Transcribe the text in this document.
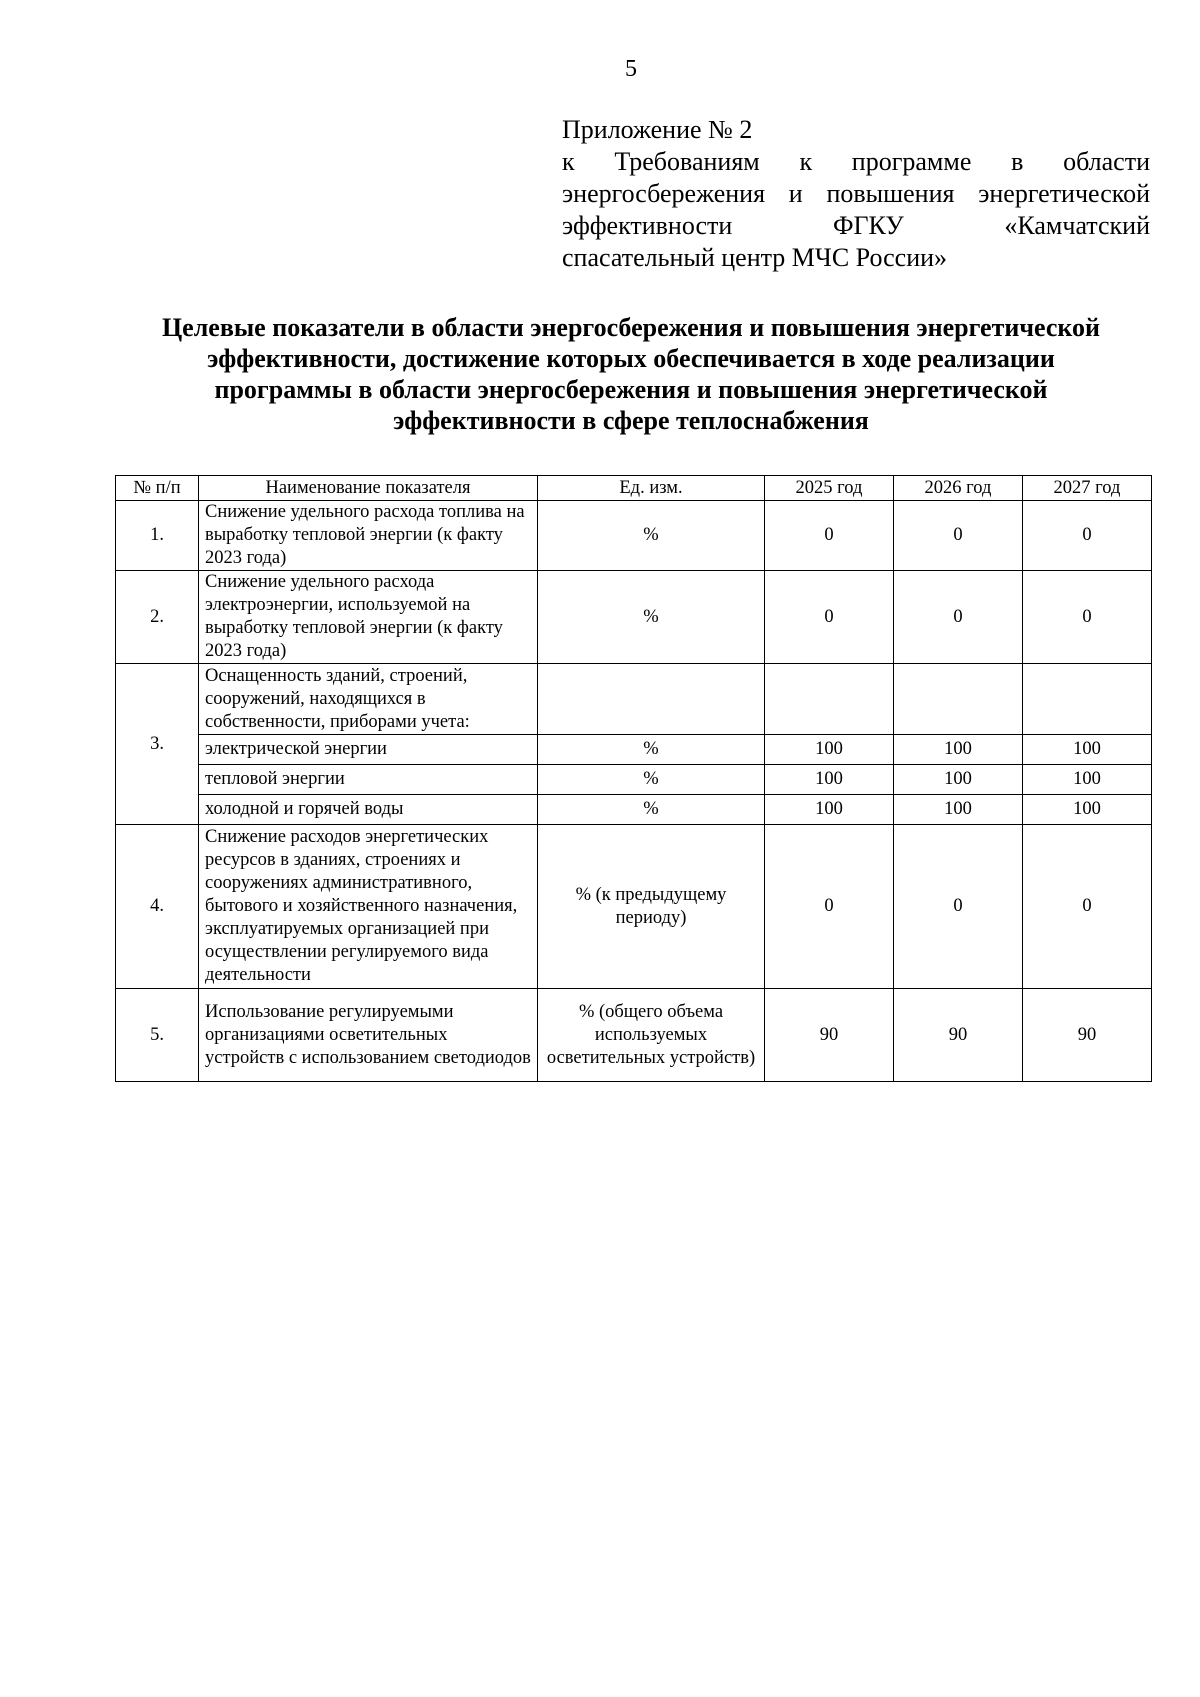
5
Приложение № 2
к Требованиям к программе в области
энергосбережения и повышения энергетической
эффективности ФГКУ «Камчатский
спасательный центр МЧС России»
Целевые показатели в области энергосбережения и повышения энергетической
эффективности, достижение которых обеспечивается в ходе реализации
программы в области энергосбережения и повышения энергетической
эффективности в сфере теплоснабжения
№ п/п	Наименование показателя	Ед. изм.	2025 год	2026 год	2027 год
1.	Снижение удельного расхода топлива на выработку тепловой энергии (к факту 2023 года)	%	0	0	0
2.	Снижение удельного расхода электроэнергии, используемой на выработку тепловой энергии (к факту 2023 года)	%	0	0	0
3.	Оснащенность зданий, строений, сооружений, находящихся в собственности, приборами учета:				
	электрической энергии	%	100	100	100
	тепловой энергии	%	100	100	100
	холодной и горячей воды	%	100	100	100
4.	Снижение расходов энергетических ресурсов в зданиях, строениях и сооружениях административного, бытового и хозяйственного назначения, эксплуатируемых организацией при осуществлении регулируемого вида деятельности	% (к предыдущему периоду)	0	0	0
5.	Использование регулируемыми организациями осветительных устройств с использованием светодиодов	% (общего объема используемых осветительных устройств)	90	90	90
